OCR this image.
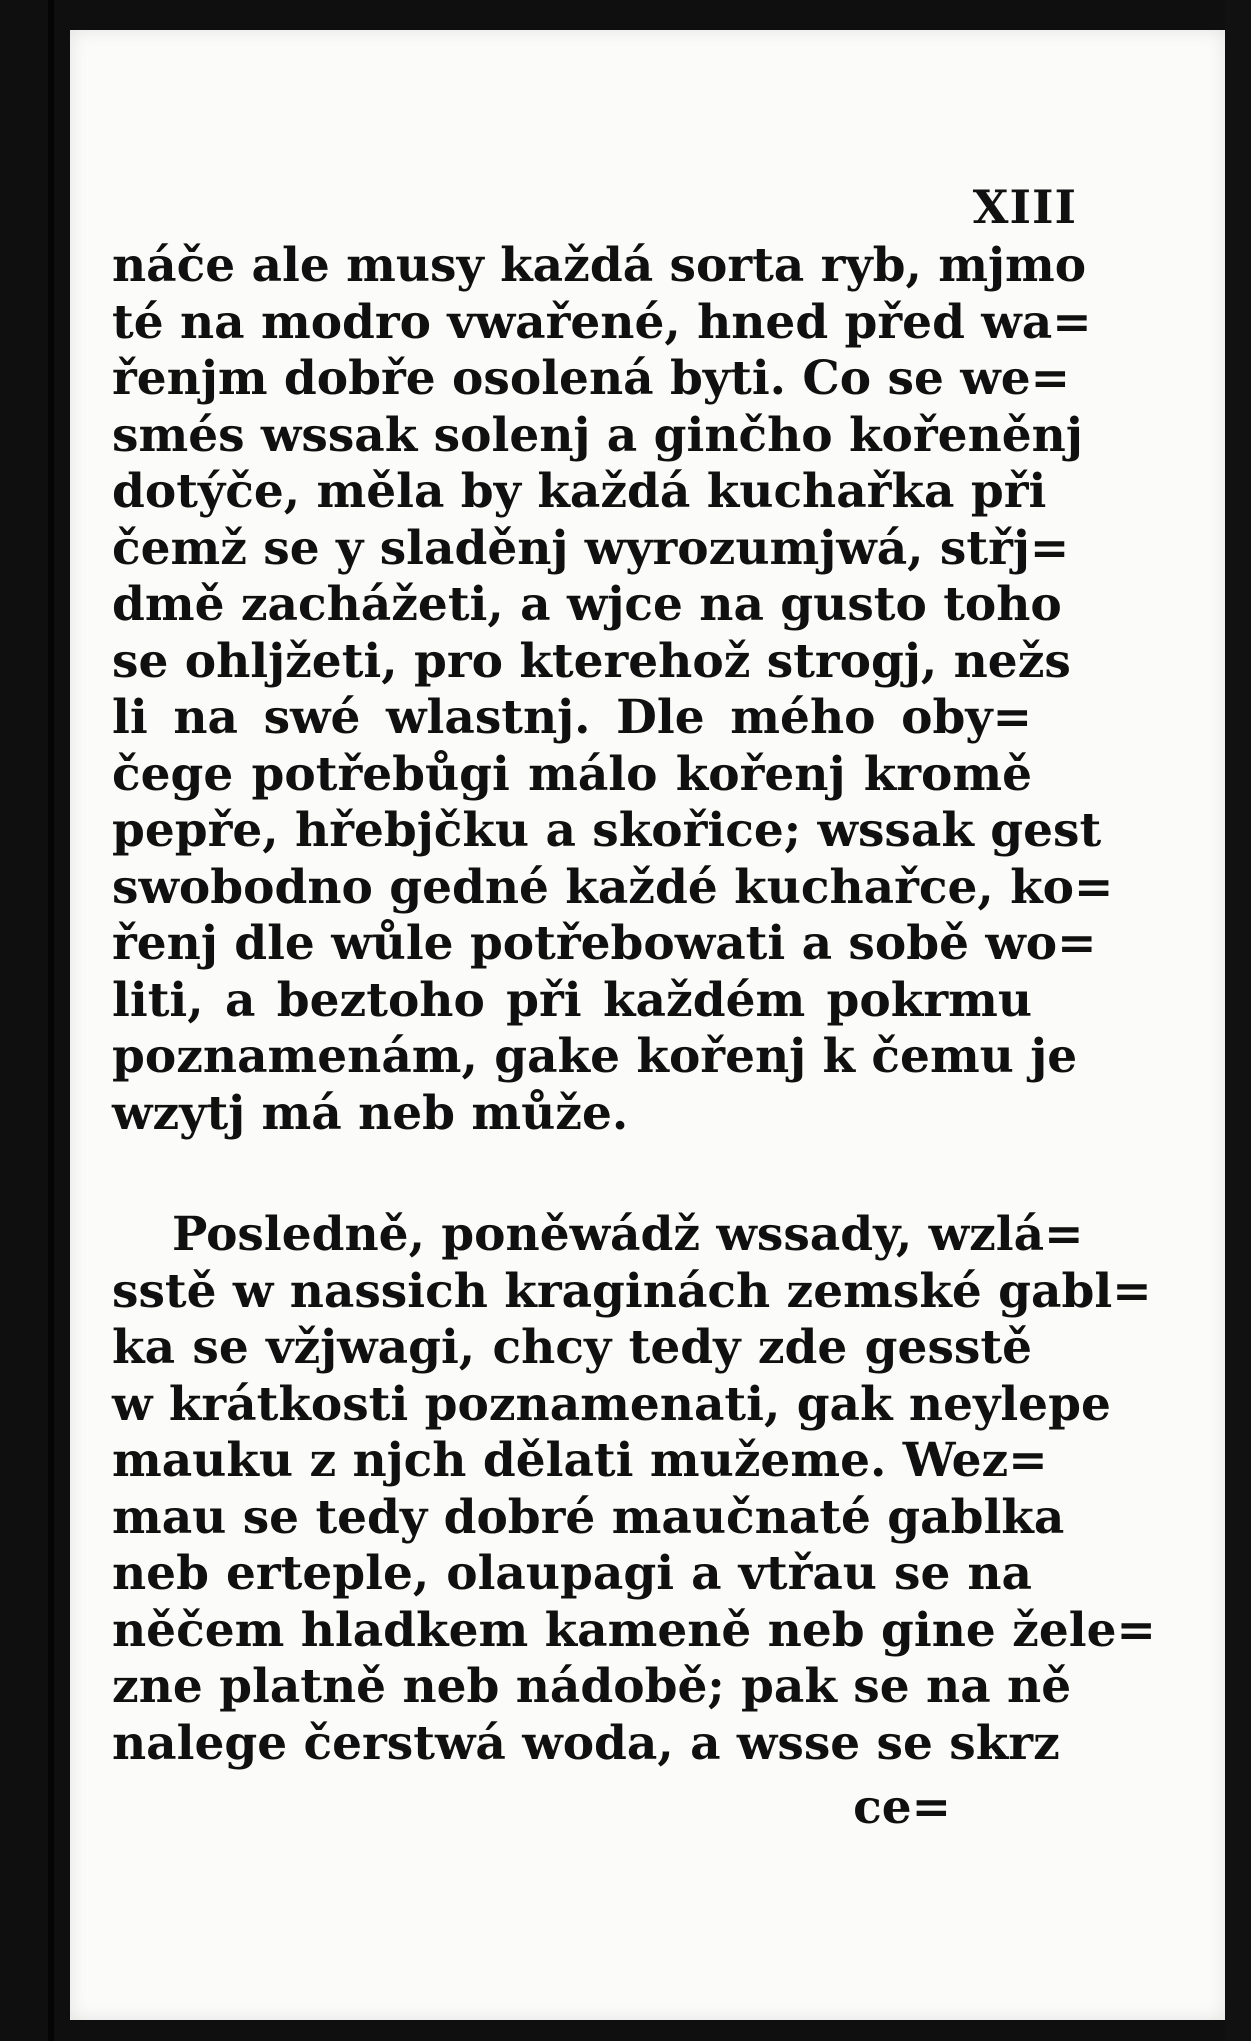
XIII
náče ale musy každá sorta ryb, mjmo
té na modro vwařené, hned před wa=
řenjm dobře osolená byti. Co se we=
smés wssak solenj a ginčho kořeněnj
dotýče, měla by každá kuchařka při
čemž se y sladěnj wyrozumjwá, střj=
dmě zachážeti, a wjce na gusto toho
se ohljžeti, pro kterehož strogj, nežs
li na swé wlastnj. Dle mého oby=
čege potřebůgi málo kořenj kromě
pepře, hřebjčku a skořice; wssak gest
swobodno gedné každé kuchařce, ko=
řenj dle wůle potřebowati a sobě wo=
liti, a beztoho při každém pokrmu
poznamenám, gake kořenj k čemu je
wzytj má neb může.
Posledně, poněwádž wssady, wzlá=
sstě w nassich kraginách zemské gabl=
ka se vžjwagi, chcy tedy zde gesstě
w krátkosti poznamenati, gak neylepe
mauku z njch dělati mužeme. Wez=
mau se tedy dobré maučnaté gablka
neb erteple, olaupagi a vtřau se na
něčem hladkem kameně neb gine žele=
zne platně neb nádobě; pak se na ně
nalege čerstwá woda, a wsse se skrz
ce=
